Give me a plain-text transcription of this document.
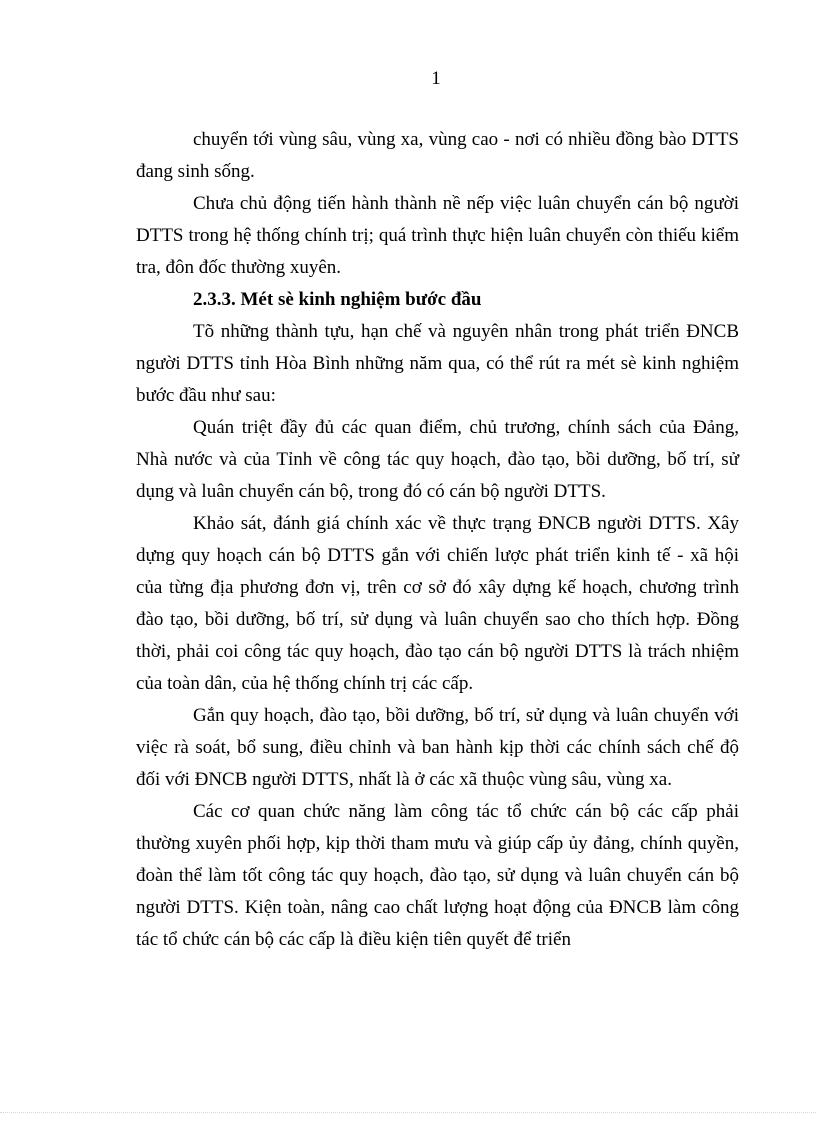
1

chuyển tới vùng sâu, vùng xa, vùng cao - nơi có nhiều đồng bào DTTS đang sinh sống.

Chưa chủ động tiến hành thành nề nếp việc luân chuyển cán bộ người DTTS trong hệ thống chính trị; quá trình thực hiện luân chuyển còn thiếu kiểm tra, đôn đốc thường xuyên.

2.3.3. Mét sè kinh nghiệm bước đầu

Tõ những thành tựu, hạn chế và nguyên nhân trong phát triển ĐNCB người DTTS tỉnh Hòa Bình những năm qua, có thể rút ra mét sè kinh nghiệm bước đầu như sau:

Quán triệt đầy đủ các quan điểm, chủ trương, chính sách của Đảng, Nhà nước và của Tỉnh về công tác quy hoạch, đào tạo, bồi dưỡng, bố trí, sử dụng và luân chuyển cán bộ, trong đó có cán bộ người DTTS.

Khảo sát, đánh giá chính xác về thực trạng ĐNCB người DTTS. Xây dựng quy hoạch cán bộ DTTS gắn với chiến lược phát triển kinh tế - xã hội của từng địa phương đơn vị, trên cơ sở đó xây dựng kế hoạch, chương trình đào tạo, bồi dưỡng, bố trí, sử dụng và luân chuyển sao cho thích hợp. Đồng thời, phải coi công tác quy hoạch, đào tạo cán bộ người DTTS là trách nhiệm của toàn dân, của hệ thống chính trị các cấp.

Gắn quy hoạch, đào tạo, bồi dưỡng, bố trí, sử dụng và luân chuyển với việc rà soát, bổ sung, điều chỉnh và ban hành kịp thời các chính sách chế độ đối với ĐNCB người DTTS, nhất là ở các xã thuộc vùng sâu, vùng xa.

Các cơ quan chức năng làm công tác tổ chức cán bộ các cấp phải thường xuyên phối hợp, kịp thời tham mưu và giúp cấp ủy đảng, chính quyền, đoàn thể làm tốt công tác quy hoạch, đào tạo, sử dụng và luân chuyển cán bộ người DTTS. Kiện toàn, nâng cao chất lượng hoạt động của ĐNCB làm công tác tổ chức cán bộ các cấp là điều kiện tiên quyết để triển
